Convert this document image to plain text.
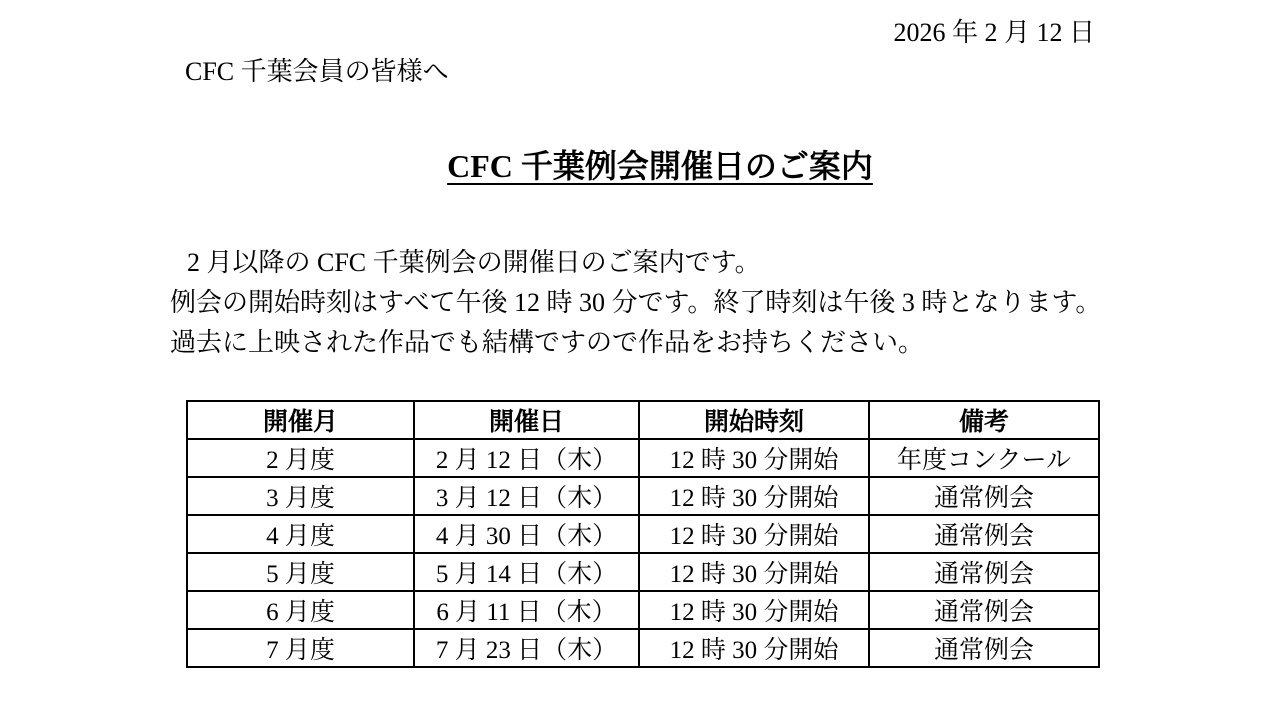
2026 年 2 月 12 日
CFC 千葉会員の皆様へ
CFC 千葉例会開催日のご案内
2 月以降の CFC 千葉例会の開催日のご案内です。
例会の開始時刻はすべて午後 12 時 30 分です。終了時刻は午後 3 時となります。
過去に上映された作品でも結構ですので作品をお持ちください。
開催月	開催日	開始時刻	備考
2 月度	2 月 12 日（木）	12 時 30 分開始	年度コンクール
3 月度	3 月 12 日（木）	12 時 30 分開始	通常例会
4 月度	4 月 30 日（木）	12 時 30 分開始	通常例会
5 月度	5 月 14 日（木）	12 時 30 分開始	通常例会
6 月度	6 月 11 日（木）	12 時 30 分開始	通常例会
7 月度	7 月 23 日（木）	12 時 30 分開始	通常例会
